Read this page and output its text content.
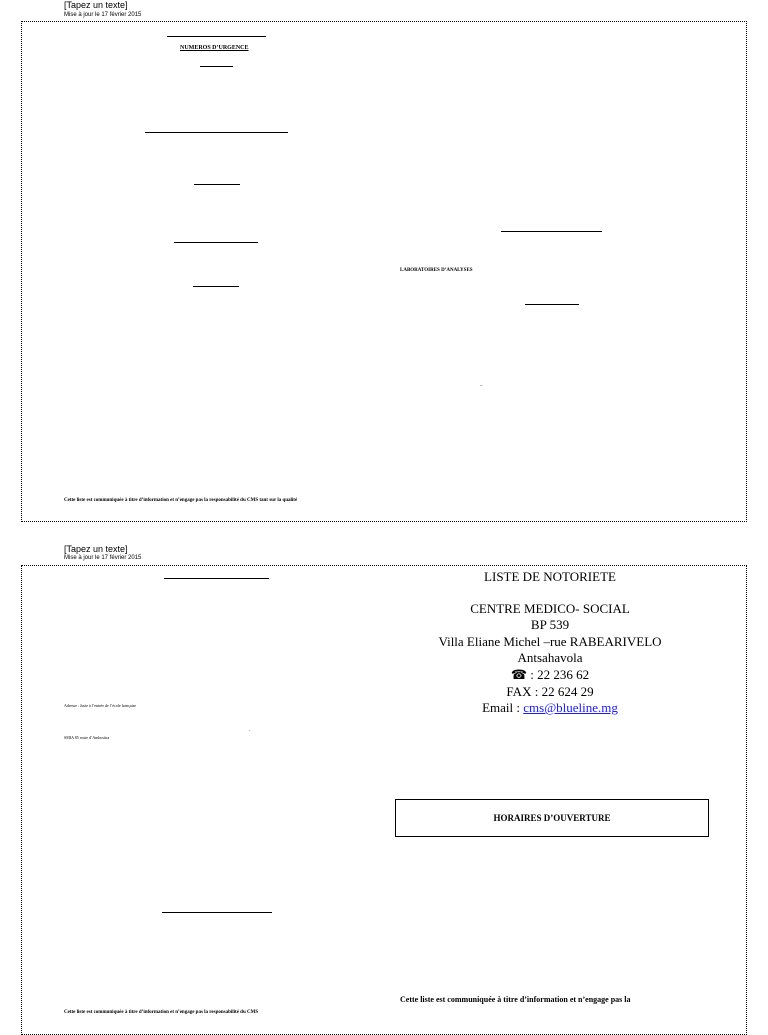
[Tapez un texte]
Mise à jour le 17 février 2015
NUMEROS D’URGENCE
LABORATOIRES D’ANALYSES
–
Cette liste est communiquée à titre d’information et n’engage pas la responsabilité du CMS tant sur la qualité
[Tapez un texte]
Mise à jour le 17 février 2015
Adresse : Juste à l’entrée de l’école française
-
SMIA 85 route d’Ambositra
Cette liste est communiquée à titre d’information et n’engage pas la responsabilité du CMS
LISTE DE NOTORIETE
CENTRE MEDICO- SOCIAL
BP 539
Villa Eliane Michel –rue RABEARIVELO
Antsahavola
☎ : 22 236 62
FAX : 22 624 29
Email : cms@blueline.mg
HORAIRES D’OUVERTURE
Cette liste est communiquée à titre d’information et n’engage pas la
